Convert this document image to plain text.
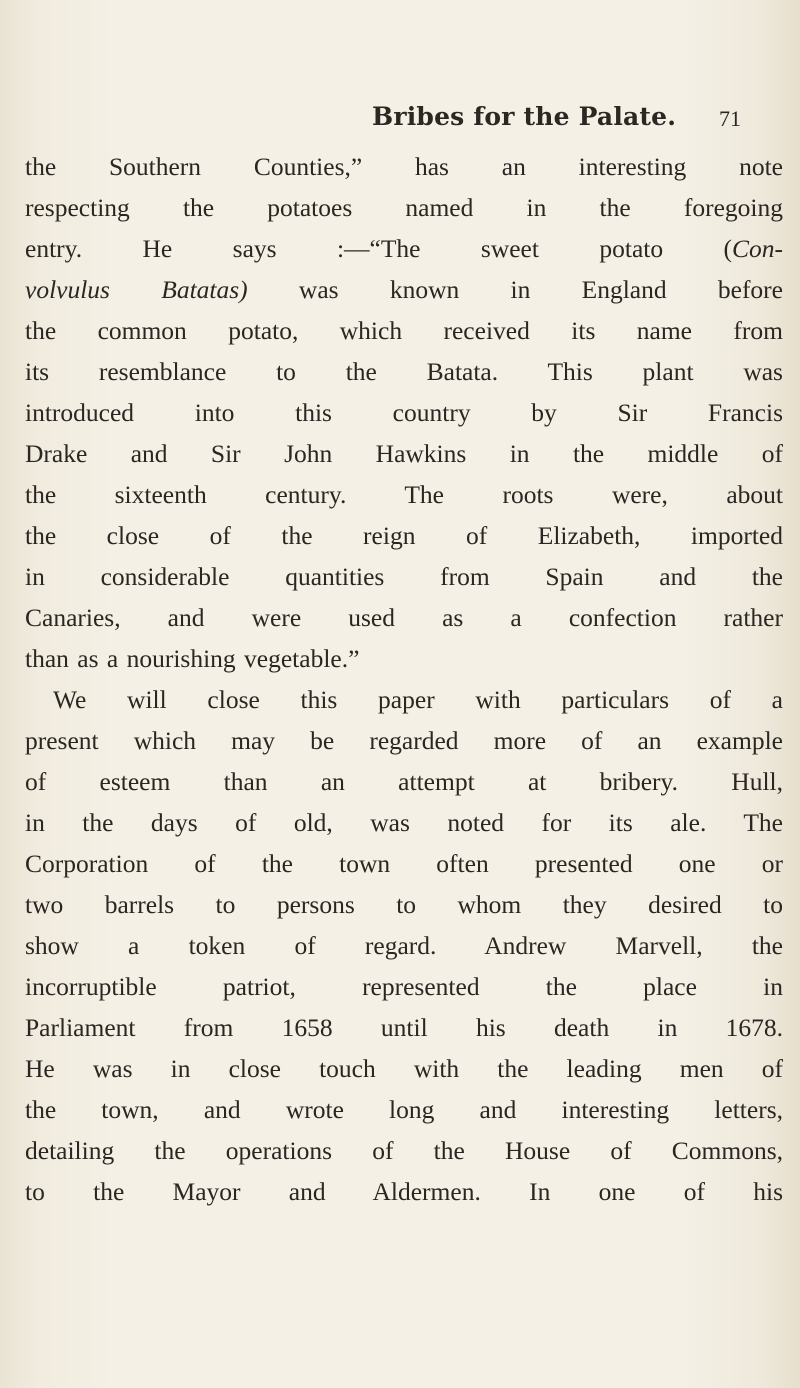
Bribes for the Palate. 71
the Southern Counties,” has an interesting note
respecting the potatoes named in the foregoing
entry. He says :—“The sweet potato (Con-
volvulus Batatas) was known in England before
the common potato, which received its name from
its resemblance to the Batata. This plant was
introduced into this country by Sir Francis
Drake and Sir John Hawkins in the middle of
the sixteenth century. The roots were, about
the close of the reign of Elizabeth, imported
in considerable quantities from Spain and the
Canaries, and were used as a confection rather
than as a nourishing vegetable.”
We will close this paper with particulars of a
present which may be regarded more of an example
of esteem than an attempt at bribery. Hull,
in the days of old, was noted for its ale. The
Corporation of the town often presented one or
two barrels to persons to whom they desired to
show a token of regard. Andrew Marvell, the
incorruptible patriot, represented the place in
Parliament from 1658 until his death in 1678.
He was in close touch with the leading men of
the town, and wrote long and interesting letters,
detailing the operations of the House of Commons,
to the Mayor and Aldermen. In one of his
